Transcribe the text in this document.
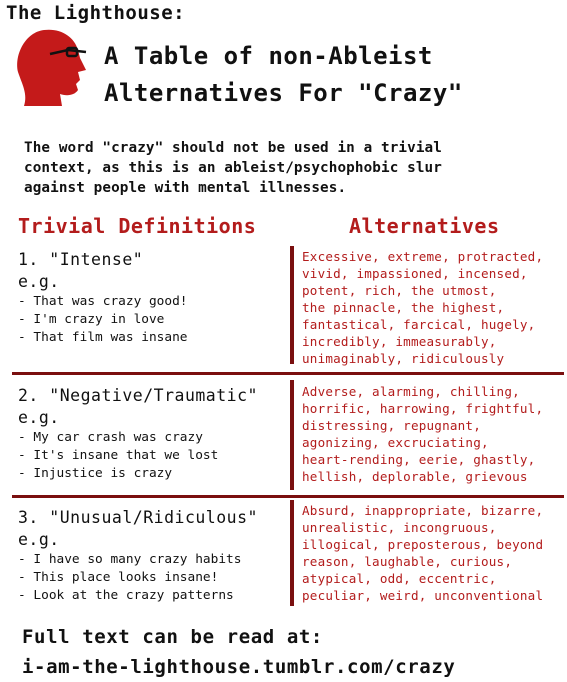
The Lighthouse:
A Table of non-Ableist
Alternatives For "Crazy"
The word "crazy" should not be used in a trivial
context, as this is an ableist/psychophobic slur
against people with mental illnesses.
Trivial Definitions	Alternatives
1. "Intense"
e.g.
- That was crazy good!
- I'm crazy in love
- That film was insane
Excessive, extreme, protracted,
vivid, impassioned, incensed,
potent, rich, the utmost,
the pinnacle, the highest,
fantastical, farcical, hugely,
incredibly, immeasurably,
unimaginably, ridiculously
2. "Negative/Traumatic"
e.g.
- My car crash was crazy
- It's insane that we lost
- Injustice is crazy
Adverse, alarming, chilling,
horrific, harrowing, frightful,
distressing, repugnant,
agonizing, excruciating,
heart-rending, eerie, ghastly,
hellish, deplorable, grievous
3. "Unusual/Ridiculous"
e.g.
- I have so many crazy habits
- This place looks insane!
- Look at the crazy patterns
Absurd, inappropriate, bizarre,
unrealistic, incongruous,
illogical, preposterous, beyond
reason, laughable, curious,
atypical, odd, eccentric,
peculiar, weird, unconventional
Full text can be read at:
i-am-the-lighthouse.tumblr.com/crazy
